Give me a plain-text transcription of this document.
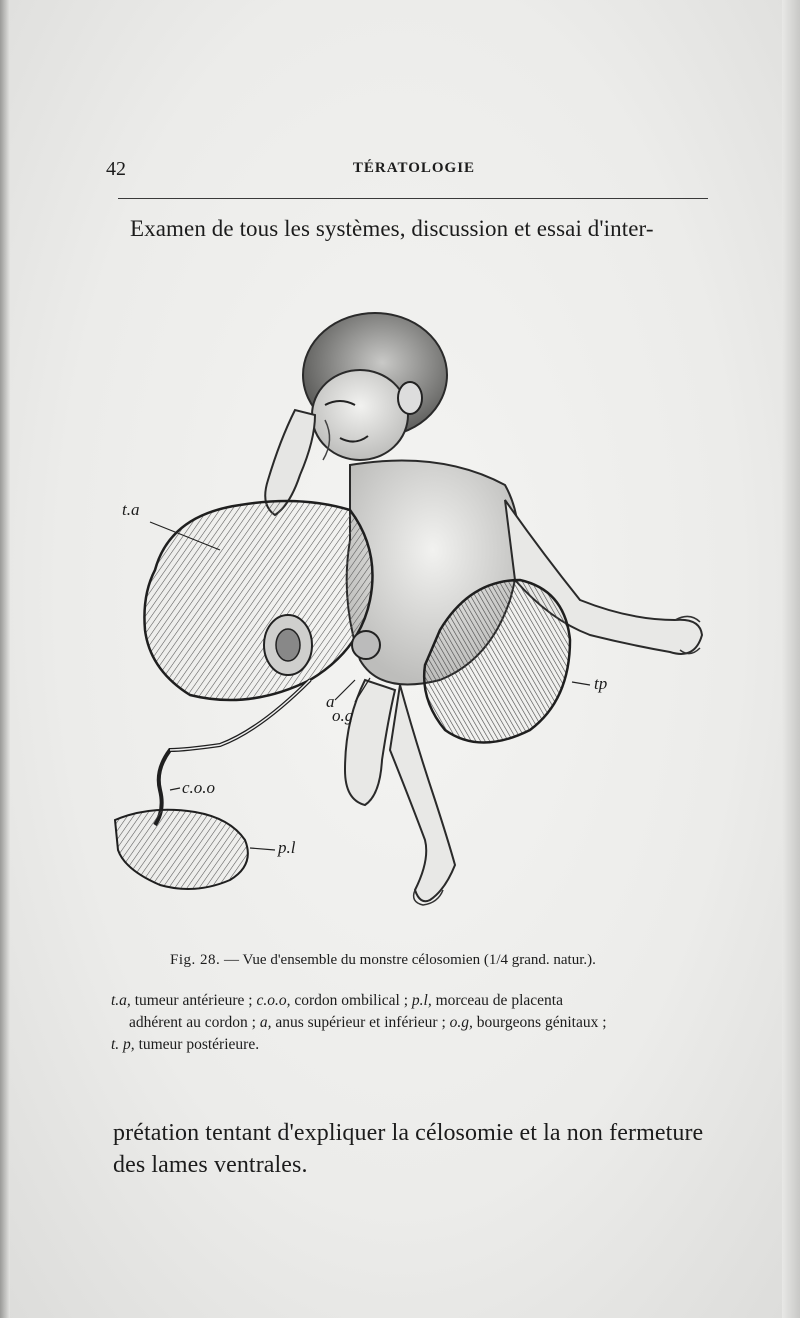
42	TÉRATOLOGIE
Examen de tous les systèmes, discussion et essai d'inter-
t.a
tp
a
o.g
c.o.o
p.l
Fig. 28. — Vue d'ensemble du monstre célosomien (1/4 grand. natur.).

t.a, tumeur antérieure ; c.o.o, cordon ombilical ; p.l, morceau de placenta

adhérent au cordon ; a, anus supérieur et inférieur ; o.g, bourgeons génitaux ;

t. p, tumeur postérieure.

prétation tentant d'expliquer la célosomie et la non fermeture
des lames ventrales.
